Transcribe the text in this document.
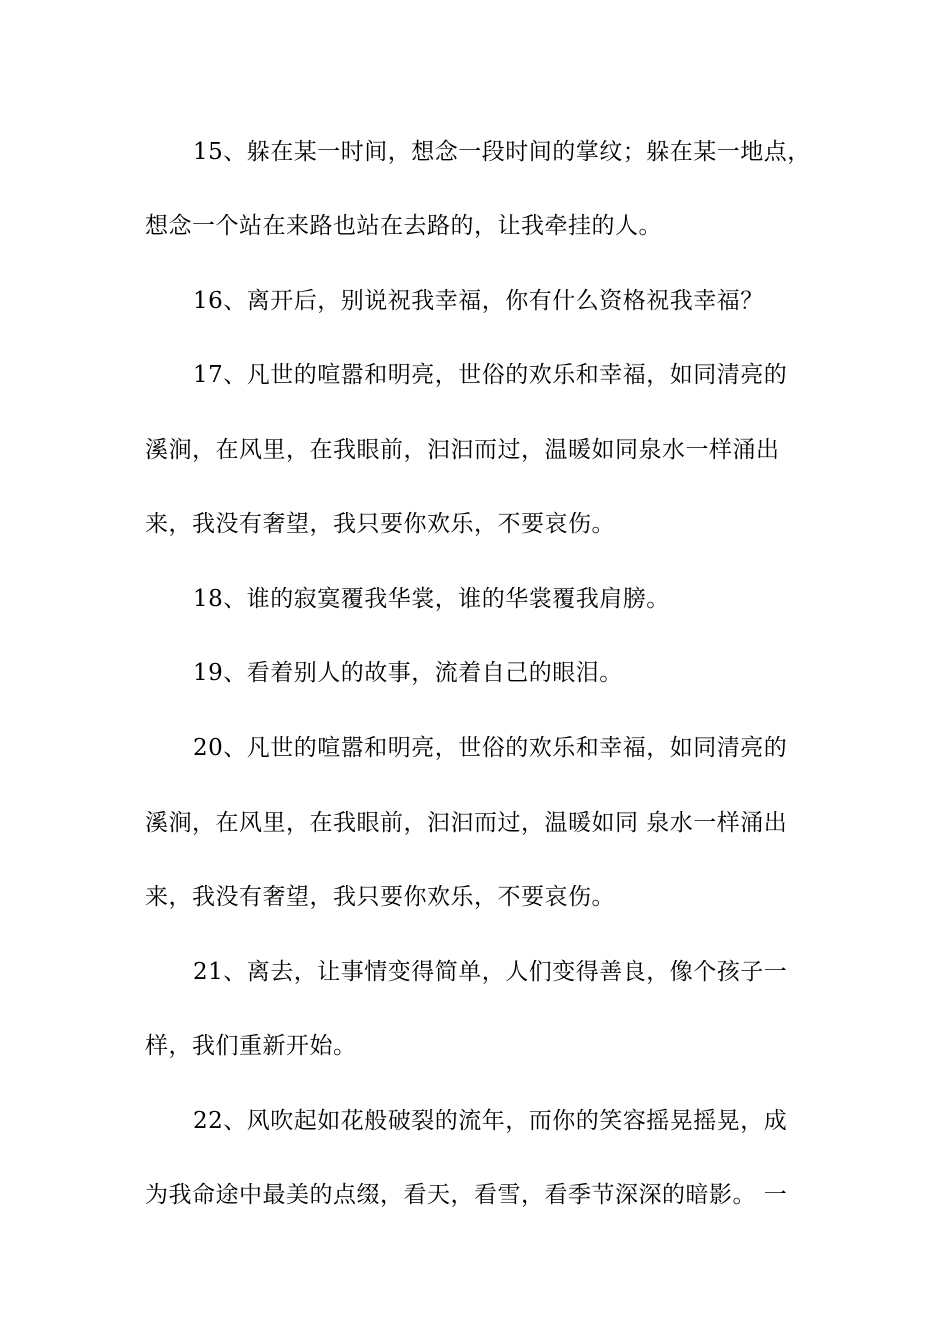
15、躲在某一时间，想念一段时间的掌纹；躲在某一地点，
想念一个站在来路也站在去路的，让我牵挂的人。
16、离开后，别说祝我幸福，你有什么资格祝我幸福？
17、凡世的喧嚣和明亮，世俗的欢乐和幸福，如同清亮的
溪涧，在风里，在我眼前，汩汩而过，温暖如同泉水一样涌出
来，我没有奢望，我只要你欢乐，不要哀伤。
18、谁的寂寞覆我华裳，谁的华裳覆我肩膀。
19、看着别人的故事，流着自己的眼泪。
20、凡世的喧嚣和明亮，世俗的欢乐和幸福，如同清亮的
溪涧，在风里，在我眼前，汩汩而过，温暖如同 泉水一样涌出
来，我没有奢望，我只要你欢乐，不要哀伤。
21、离去，让事情变得简单，人们变得善良，像个孩子一
样，我们重新开始。
22、风吹起如花般破裂的流年，而你的笑容摇晃摇晃，成
为我命途中最美的点缀，看天，看雪，看季节深深的暗影。 一
